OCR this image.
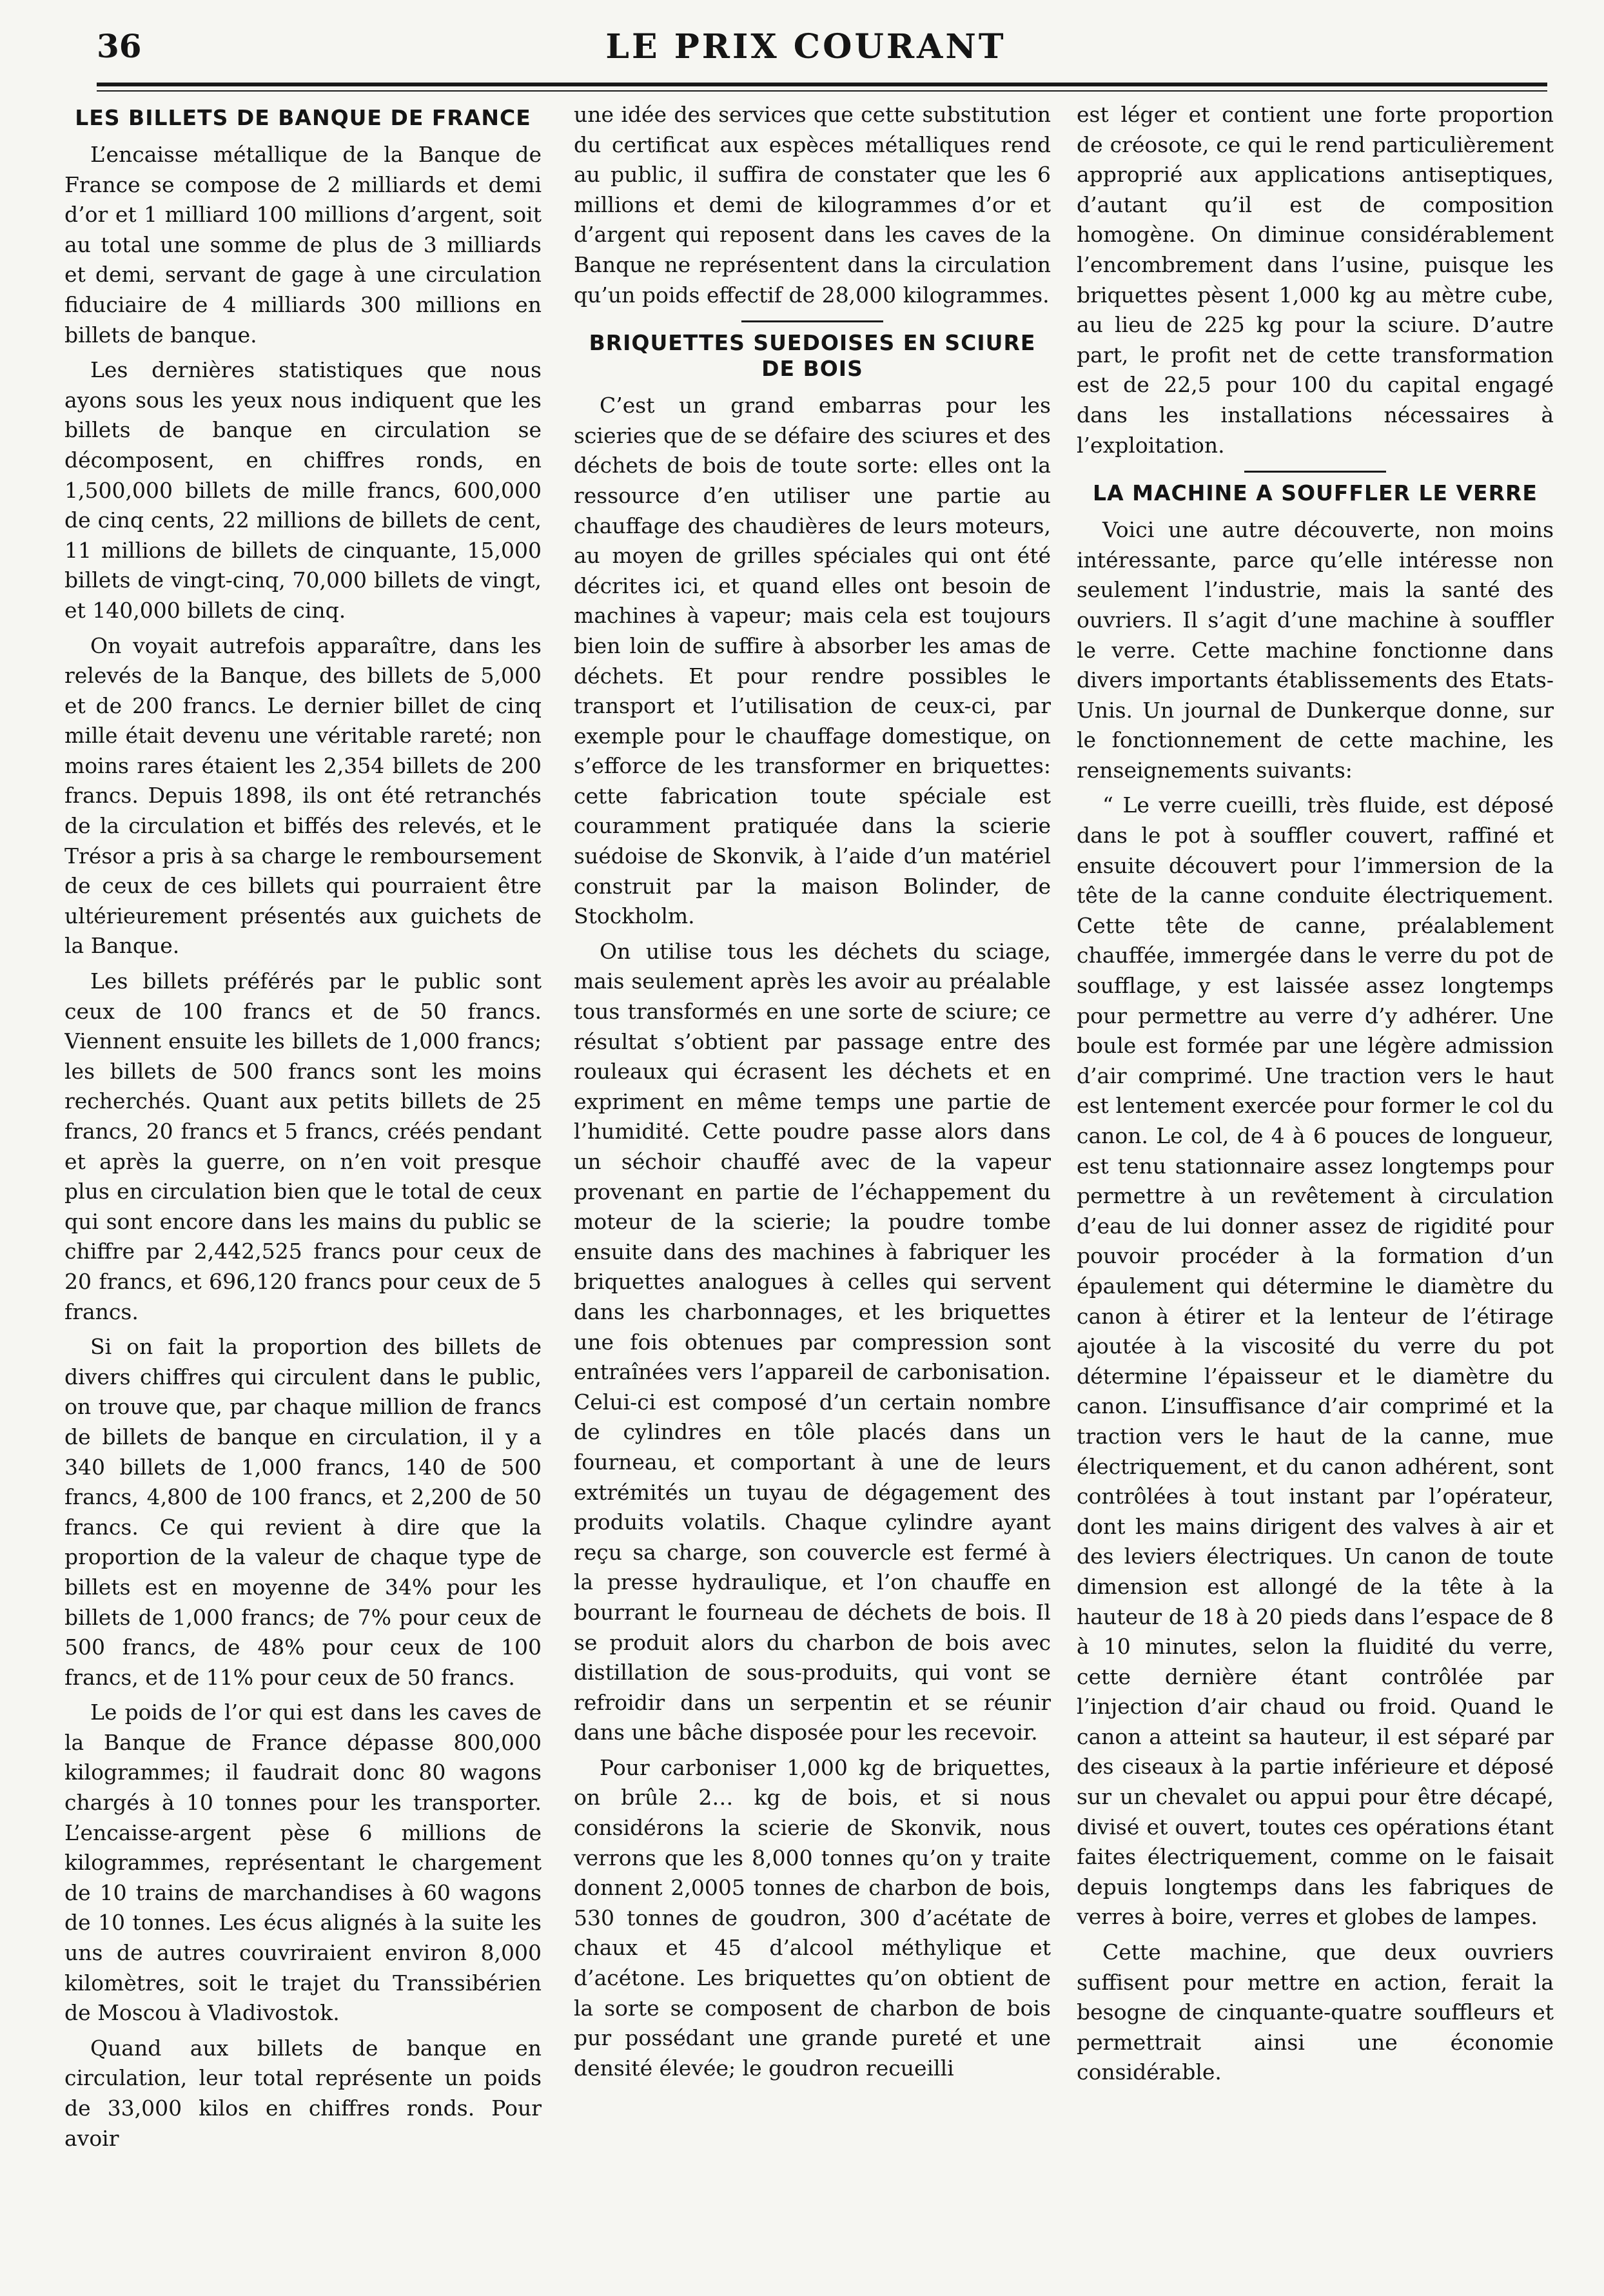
36	LE PRIX COURANT
LES BILLETS DE BANQUE DE FRANCE

L’encaisse métallique de la Banque de France se compose de 2 milliards et demi d’or et 1 milliard 100 millions d’argent, soit au total une somme de plus de 3 milliards et demi, servant de gage à une circulation fiduciaire de 4 milliards 300 millions en billets de banque.

Les dernières statistiques que nous ayons sous les yeux nous indiquent que les billets de banque en circulation se décomposent, en chiffres ronds, en 1,500,000 billets de mille francs, 600,000 de cinq cents, 22 millions de billets de cent, 11 millions de billets de cinquante, 15,000 billets de vingt-cinq, 70,000 billets de vingt, et 140,000 billets de cinq.

On voyait autrefois apparaître, dans les relevés de la Banque, des billets de 5,000 et de 200 francs. Le dernier billet de cinq mille était devenu une véritable rareté; non moins rares étaient les 2,354 billets de 200 francs. Depuis 1898, ils ont été retranchés de la circulation et biffés des relevés, et le Trésor a pris à sa charge le remboursement de ceux de ces billets qui pourraient être ultérieurement présentés aux guichets de la Banque.

Les billets préférés par le public sont ceux de 100 francs et de 50 francs. Viennent ensuite les billets de 1,000 francs; les billets de 500 francs sont les moins recherchés. Quant aux petits billets de 25 francs, 20 francs et 5 francs, créés pendant et après la guerre, on n’en voit presque plus en circulation bien que le total de ceux qui sont encore dans les mains du public se chiffre par 2,442,525 francs pour ceux de 20 francs, et 696,120 francs pour ceux de 5 francs.

Si on fait la proportion des billets de divers chiffres qui circulent dans le public, on trouve que, par chaque million de francs de billets de banque en circulation, il y a 340 billets de 1,000 francs, 140 de 500 francs, 4,800 de 100 francs, et 2,200 de 50 francs. Ce qui revient à dire que la proportion de la valeur de chaque type de billets est en moyenne de 34% pour les billets de 1,000 francs; de 7% pour ceux de 500 francs, de 48% pour ceux de 100 francs, et de 11% pour ceux de 50 francs.

Le poids de l’or qui est dans les caves de la Banque de France dépasse 800,000 kilogrammes; il faudrait donc 80 wagons chargés à 10 tonnes pour les transporter. L’encaisse-argent pèse 6 millions de kilogrammes, représentant le chargement de 10 trains de marchandises à 60 wagons de 10 tonnes. Les écus alignés à la suite les uns de autres couvriraient environ 8,000 kilomètres, soit le trajet du Transsibérien de Moscou à Vladivostok.

Quand aux billets de banque en circulation, leur total représente un poids de 33,000 kilos en chiffres ronds. Pour avoir

une idée des services que cette substitution du certificat aux espèces métalliques rend au public, il suffira de constater que les 6 millions et demi de kilogrammes d’or et d’argent qui reposent dans les caves de la Banque ne représentent dans la circulation qu’un poids effectif de 28,000 kilogrammes.

BRIQUETTES SUEDOISES EN SCIURE DE BOIS

C’est un grand embarras pour les scieries que de se défaire des sciures et des déchets de bois de toute sorte: elles ont la ressource d’en utiliser une partie au chauffage des chaudières de leurs moteurs, au moyen de grilles spéciales qui ont été décrites ici, et quand elles ont besoin de machines à vapeur; mais cela est toujours bien loin de suffire à absorber les amas de déchets. Et pour rendre possibles le transport et l’utilisation de ceux-ci, par exemple pour le chauffage domestique, on s’efforce de les transformer en briquettes: cette fabrication toute spéciale est couramment pratiquée dans la scierie suédoise de Skonvik, à l’aide d’un matériel construit par la maison Bolinder, de Stockholm.

On utilise tous les déchets du sciage, mais seulement après les avoir au préalable tous transformés en une sorte de sciure; ce résultat s’obtient par passage entre des rouleaux qui écrasent les déchets et en expriment en même temps une partie de l’humidité. Cette poudre passe alors dans un séchoir chauffé avec de la vapeur provenant en partie de l’échappement du moteur de la scierie; la poudre tombe ensuite dans des machines à fabriquer les briquettes analogues à celles qui servent dans les charbonnages, et les briquettes une fois obtenues par compression sont entraînées vers l’appareil de carbonisation. Celui-ci est composé d’un certain nombre de cylindres en tôle placés dans un fourneau, et comportant à une de leurs extrémités un tuyau de dégagement des produits volatils. Chaque cylindre ayant reçu sa charge, son couvercle est fermé à la presse hydraulique, et l’on chauffe en bourrant le fourneau de déchets de bois. Il se produit alors du charbon de bois avec distillation de sous-produits, qui vont se refroidir dans un serpentin et se réunir dans une bâche disposée pour les recevoir.

Pour carboniser 1,000 kg de briquettes, on brûle 2… kg de bois, et si nous considérons la scierie de Skonvik, nous verrons que les 8,000 tonnes qu’on y traite donnent 2,0005 tonnes de charbon de bois, 530 tonnes de goudron, 300 d’acétate de chaux et 45 d’alcool méthylique et d’acétone. Les briquettes qu’on obtient de la sorte se composent de charbon de bois pur possédant une grande pureté et une densité élevée; le goudron recueilli

est léger et contient une forte proportion de créosote, ce qui le rend particulièrement approprié aux applications antiseptiques, d’autant qu’il est de composition homogène. On diminue considérablement l’encombrement dans l’usine, puisque les briquettes pèsent 1,000 kg au mètre cube, au lieu de 225 kg pour la sciure. D’autre part, le profit net de cette transformation est de 22,5 pour 100 du capital engagé dans les installations nécessaires à l’exploitation.

LA MACHINE A SOUFFLER LE VERRE

Voici une autre découverte, non moins intéressante, parce qu’elle intéresse non seulement l’industrie, mais la santé des ouvriers. Il s’agit d’une machine à souffler le verre. Cette machine fonctionne dans divers importants établissements des Etats-Unis. Un journal de Dunkerque donne, sur le fonctionnement de cette machine, les renseignements suivants:

“ Le verre cueilli, très fluide, est déposé dans le pot à souffler couvert, raffiné et ensuite découvert pour l’immersion de la tête de la canne conduite électriquement. Cette tête de canne, préalablement chauffée, immergée dans le verre du pot de soufflage, y est laissée assez longtemps pour permettre au verre d’y adhérer. Une boule est formée par une légère admission d’air comprimé. Une traction vers le haut est lentement exercée pour former le col du canon. Le col, de 4 à 6 pouces de longueur, est tenu stationnaire assez longtemps pour permettre à un revêtement à circulation d’eau de lui donner assez de rigidité pour pouvoir procéder à la formation d’un épaulement qui détermine le diamètre du canon à étirer et la lenteur de l’étirage ajoutée à la viscosité du verre du pot détermine l’épaisseur et le diamètre du canon. L’insuffisance d’air comprimé et la traction vers le haut de la canne, mue électriquement, et du canon adhérent, sont contrôlées à tout instant par l’opérateur, dont les mains dirigent des valves à air et des leviers électriques. Un canon de toute dimension est allongé de la tête à la hauteur de 18 à 20 pieds dans l’espace de 8 à 10 minutes, selon la fluidité du verre, cette dernière étant contrôlée par l’injection d’air chaud ou froid. Quand le canon a atteint sa hauteur, il est séparé par des ciseaux à la partie inférieure et déposé sur un chevalet ou appui pour être décapé, divisé et ouvert, toutes ces opérations étant faites électriquement, comme on le faisait depuis longtemps dans les fabriques de verres à boire, verres et globes de lampes.

Cette machine, que deux ouvriers suffisent pour mettre en action, ferait la besogne de cinquante-quatre souffleurs et permettrait ainsi une économie considérable.
